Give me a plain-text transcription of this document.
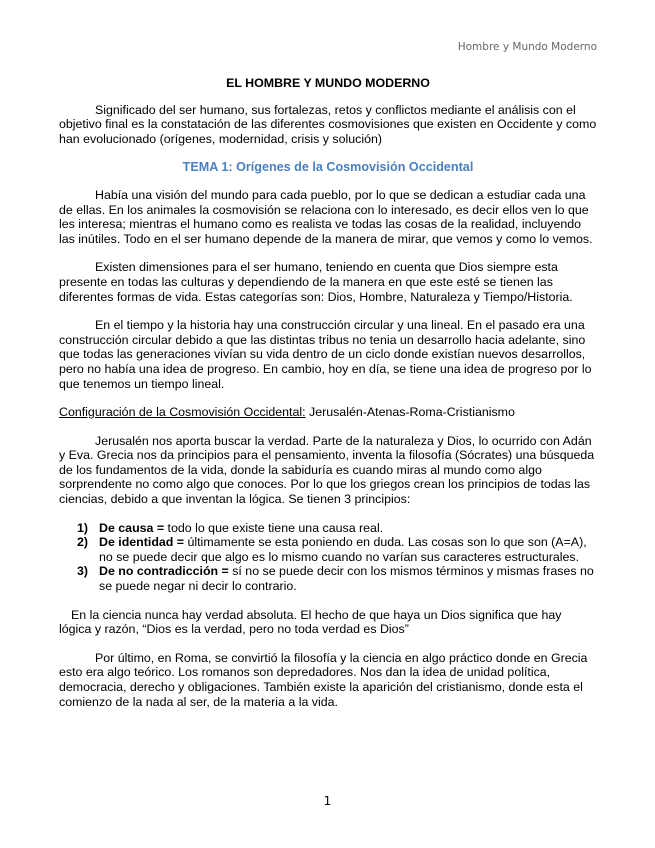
Hombre y Mundo Moderno
EL HOMBRE Y MUNDO MODERNO

Significado del ser humano, sus fortalezas, retos y conflictos mediante el análisis con el objetivo final es la constatación de las diferentes cosmovisiones que existen en Occidente y como han evolucionado (orígenes, modernidad, crisis y solución)

TEMA 1: Orígenes de la Cosmovisión Occidental

Había una visión del mundo para cada pueblo, por lo que se dedican a estudiar cada una de ellas. En los animales la cosmovisión se relaciona con lo interesado, es decir ellos ven lo que les interesa; mientras el humano como es realista ve todas las cosas de la realidad, incluyendo las inútiles. Todo en el ser humano depende de la manera de mirar, que vemos y como lo vemos.

Existen dimensiones para el ser humano, teniendo en cuenta que Dios siempre esta presente en todas las culturas y dependiendo de la manera en que este esté se tienen las diferentes formas de vida. Estas categorías son: Dios, Hombre, Naturaleza y Tiempo/Historia.

En el tiempo y la historia hay una construcción circular y una lineal. En el pasado era una construcción circular debido a que las distintas tribus no tenia un desarrollo hacia adelante, sino que todas las generaciones vivían su vida dentro de un ciclo donde existían nuevos desarrollos, pero no había una idea de progreso. En cambio, hoy en día, se tiene una idea de progreso por lo que tenemos un tiempo lineal.

Configuración de la Cosmovisión Occidental: Jerusalén-Atenas-Roma-Cristianismo

Jerusalén nos aporta buscar la verdad. Parte de la naturaleza y Dios, lo ocurrido con Adán y Eva. Grecia nos da principios para el pensamiento, inventa la filosofía (Sócrates) una búsqueda de los fundamentos de la vida, donde la sabiduría es cuando miras al mundo como algo sorprendente no como algo que conoces. Por lo que los griegos crean los principios de todas las ciencias, debido a que inventan la lógica. Se tienen 3 principios:

1) De causa = todo lo que existe tiene una causa real.
2) De identidad = últimamente se esta poniendo en duda. Las cosas son lo que son (A=A), no se puede decir que algo es lo mismo cuando no varían sus caracteres estructurales.
3) De no contradicción = sí no se puede decir con los mismos términos y mismas frases no se puede negar ni decir lo contrario.

En la ciencia nunca hay verdad absoluta. El hecho de que haya un Dios significa que hay lógica y razón, “Dios es la verdad, pero no toda verdad es Dios”

Por último, en Roma, se convirtió la filosofía y la ciencia en algo práctico donde en Grecia esto era algo teórico. Los romanos son depredadores. Nos dan la idea de unidad política, democracia, derecho y obligaciones. También existe la aparición del cristianismo, donde esta el comienzo de la nada al ser, de la materia a la vida.

1
